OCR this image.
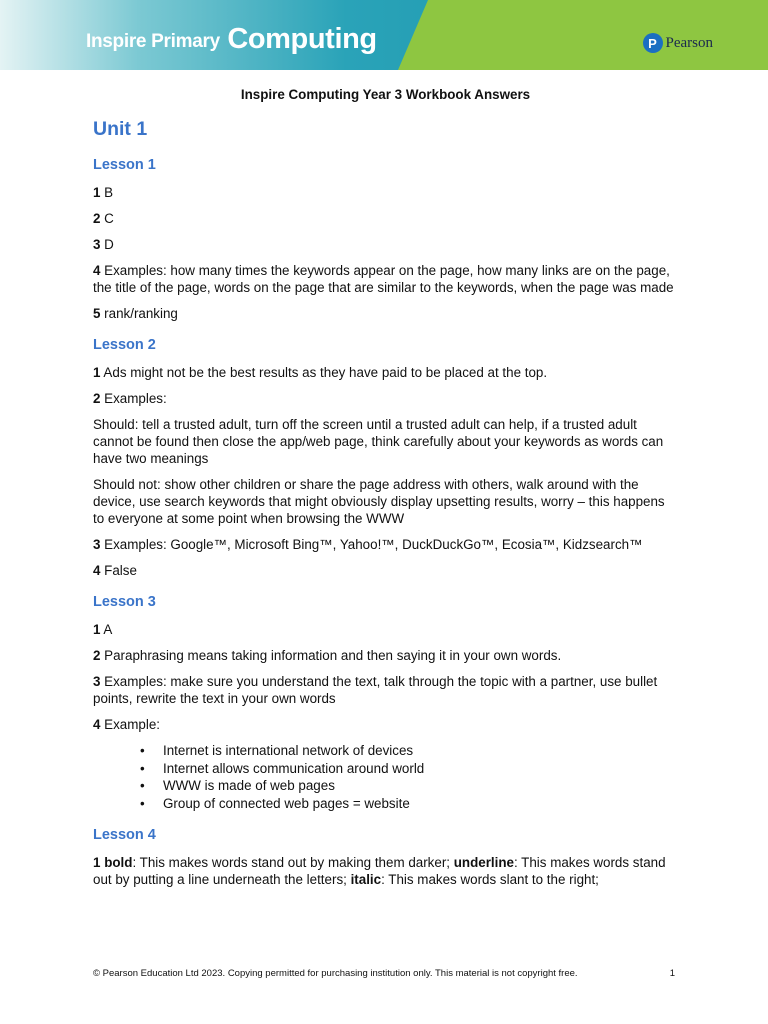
Inspire Primary Computing	P Pearson
Inspire Computing Year 3 Workbook Answers
Unit 1
Lesson 1

1 B

2 C

3 D

4 Examples: how many times the keywords appear on the page, how many links are on the page, the title of the page, words on the page that are similar to the keywords, when the page was made

5 rank/ranking

Lesson 2

1 Ads might not be the best results as they have paid to be placed at the top.

2 Examples:

Should: tell a trusted adult, turn off the screen until a trusted adult can help, if a trusted adult cannot be found then close the app/web page, think carefully about your keywords as words can have two meanings

Should not: show other children or share the page address with others, walk around with the device, use search keywords that might obviously display upsetting results, worry – this happens to everyone at some point when browsing the WWW

3 Examples: Google™, Microsoft Bing™, Yahoo!™, DuckDuckGo™, Ecosia™, Kidzsearch™

4 False

Lesson 3

1 A

2 Paraphrasing means taking information and then saying it in your own words.

3 Examples: make sure you understand the text, talk through the topic with a partner, use bullet points, rewrite the text in your own words

4 Example:

• Internet is international network of devices
• Internet allows communication around world
• WWW is made of web pages
• Group of connected web pages = website
Lesson 4

1 bold: This makes words stand out by making them darker; underline: This makes words stand out by putting a line underneath the letters; italic: This makes words slant to the right;

© Pearson Education Ltd 2023. Copying permitted for purchasing institution only. This material is not copyright free.	1
